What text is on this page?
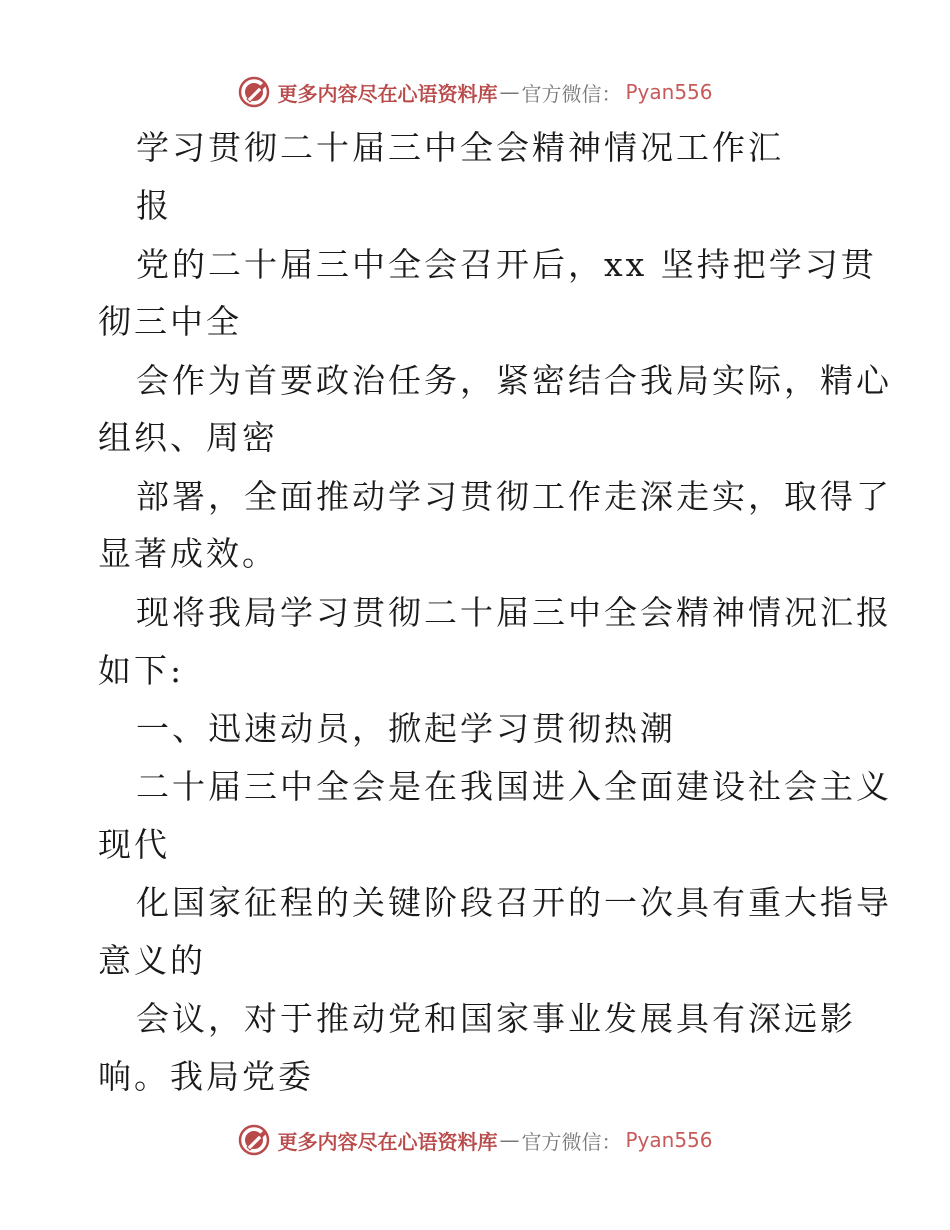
更多内容尽在心语资料库 — 官方微信： Pyan556
学习贯彻二十届三中全会精神情况工作汇
报
党的二十届三中全会召开后，xx 坚持把学习贯
彻三中全
会作为首要政治任务，紧密结合我局实际，精心
组织、周密
部署，全面推动学习贯彻工作走深走实，取得了
显著成效。
现将我局学习贯彻二十届三中全会精神情况汇报
如下:
一、迅速动员，掀起学习贯彻热潮
二十届三中全会是在我国进入全面建设社会主义
现代
化国家征程的关键阶段召开的一次具有重大指导
意义的
会议，对于推动党和国家事业发展具有深远影
响。我局党委
更多内容尽在心语资料库 — 官方微信： Pyan556
